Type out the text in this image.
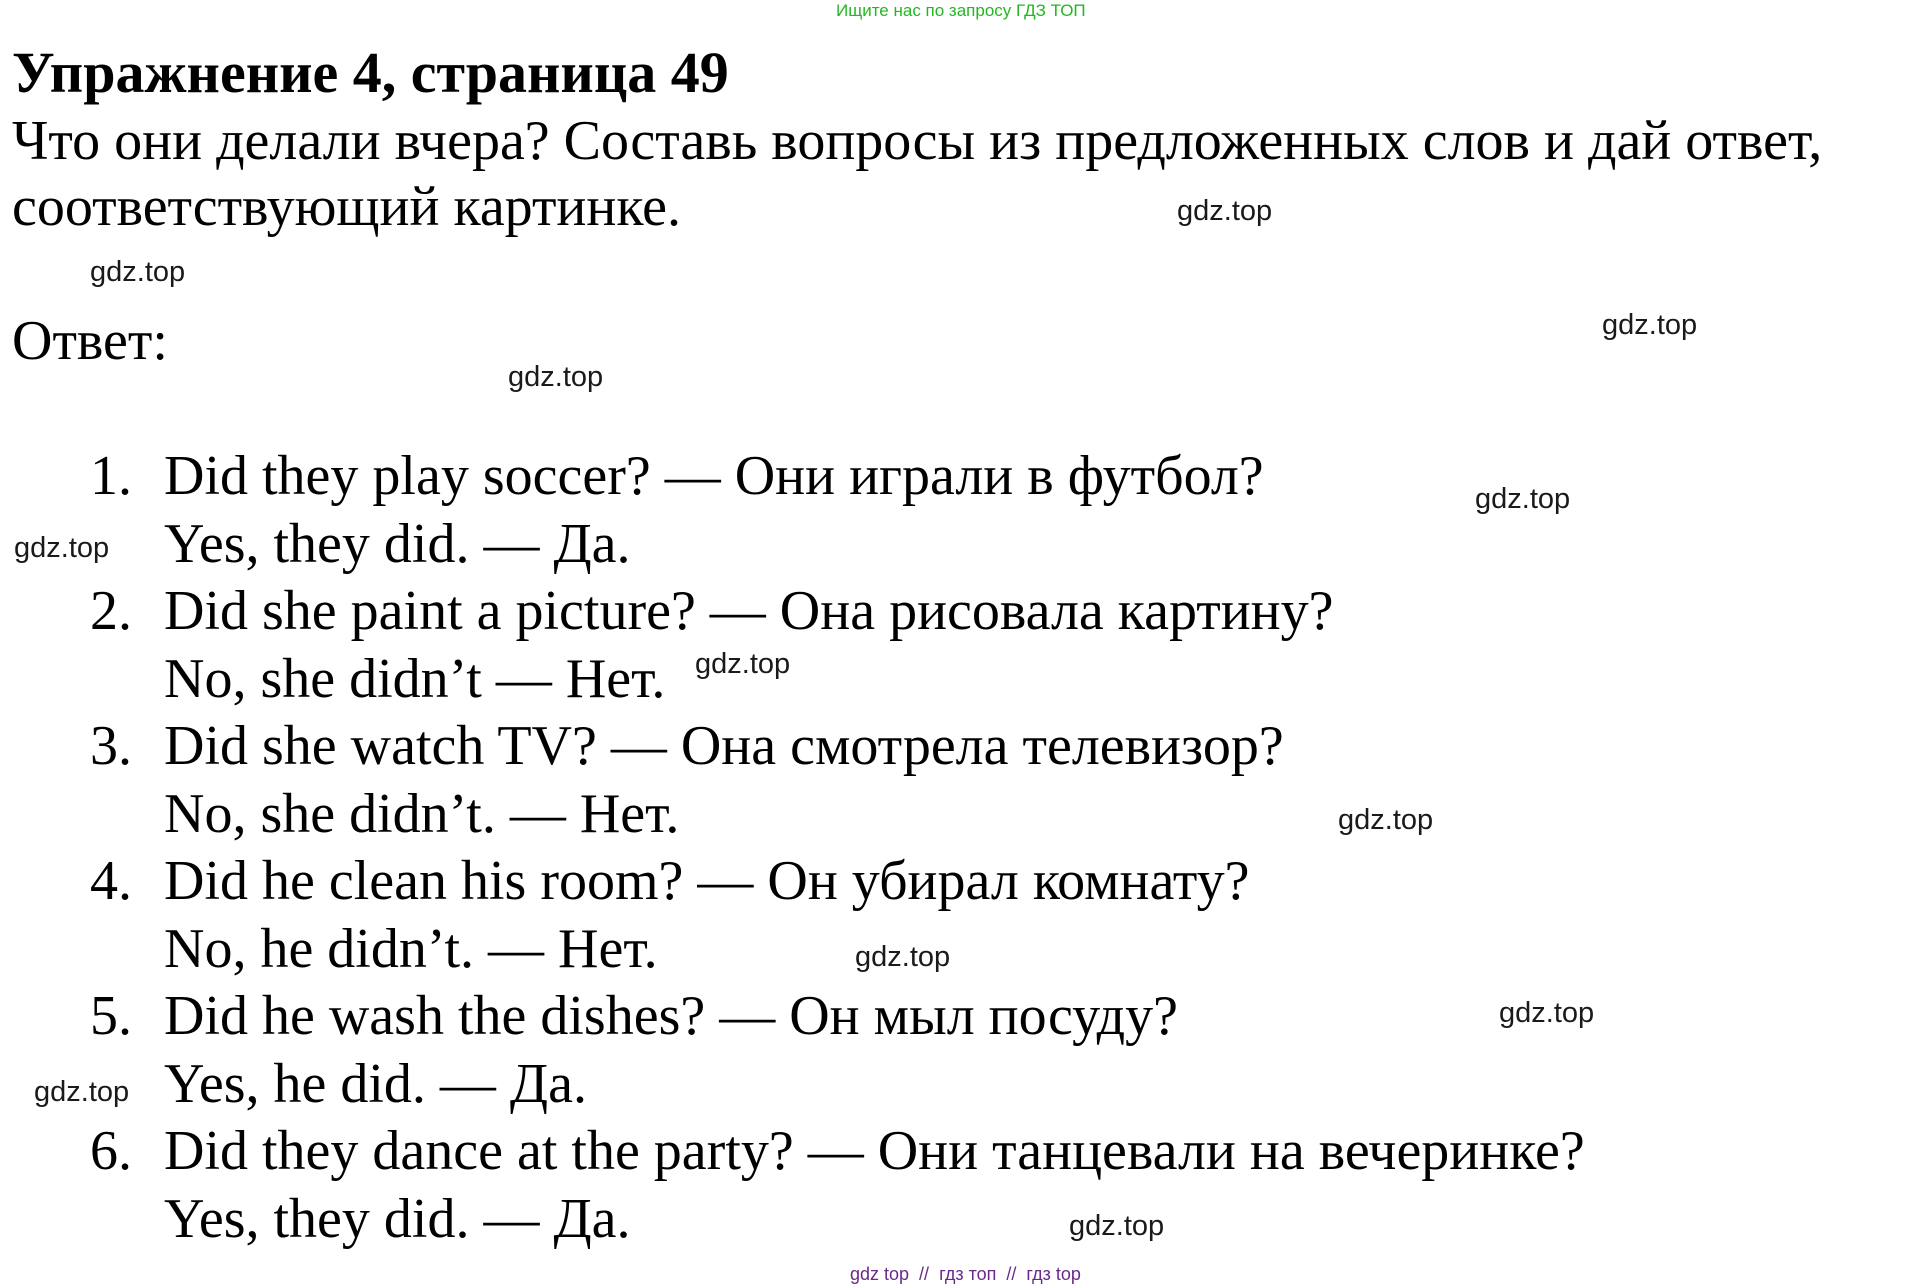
Ищите нас по запросу ГДЗ ТОП
Упражнение 4, страница 49
Что они делали вчера? Составь вопросы из предложенных слов и дай ответ,
соответствующий картинке.
Ответ:
1. Did they play soccer? — Они играли в футбол?
Yes, they did. — Да.
2. Did she paint a picture? — Она рисовала картину?
No, she didn’t — Нет.
3. Did she watch TV? — Она смотрела телевизор?
No, she didn’t. — Нет.
4. Did he clean his room? — Он убирал комнату?
No, he didn’t. — Нет.
5. Did he wash the dishes? — Он мыл посуду?
Yes, he did. — Да.
6. Did they dance at the party? — Они танцевали на вечеринке?
Yes, they did. — Да.
gdz.top
gdz.top
gdz.top
gdz.top
gdz.top
gdz.top
gdz.top
gdz.top
gdz.top
gdz.top
gdz.top
gdz.top
gdz top // гдз топ // гдз top
